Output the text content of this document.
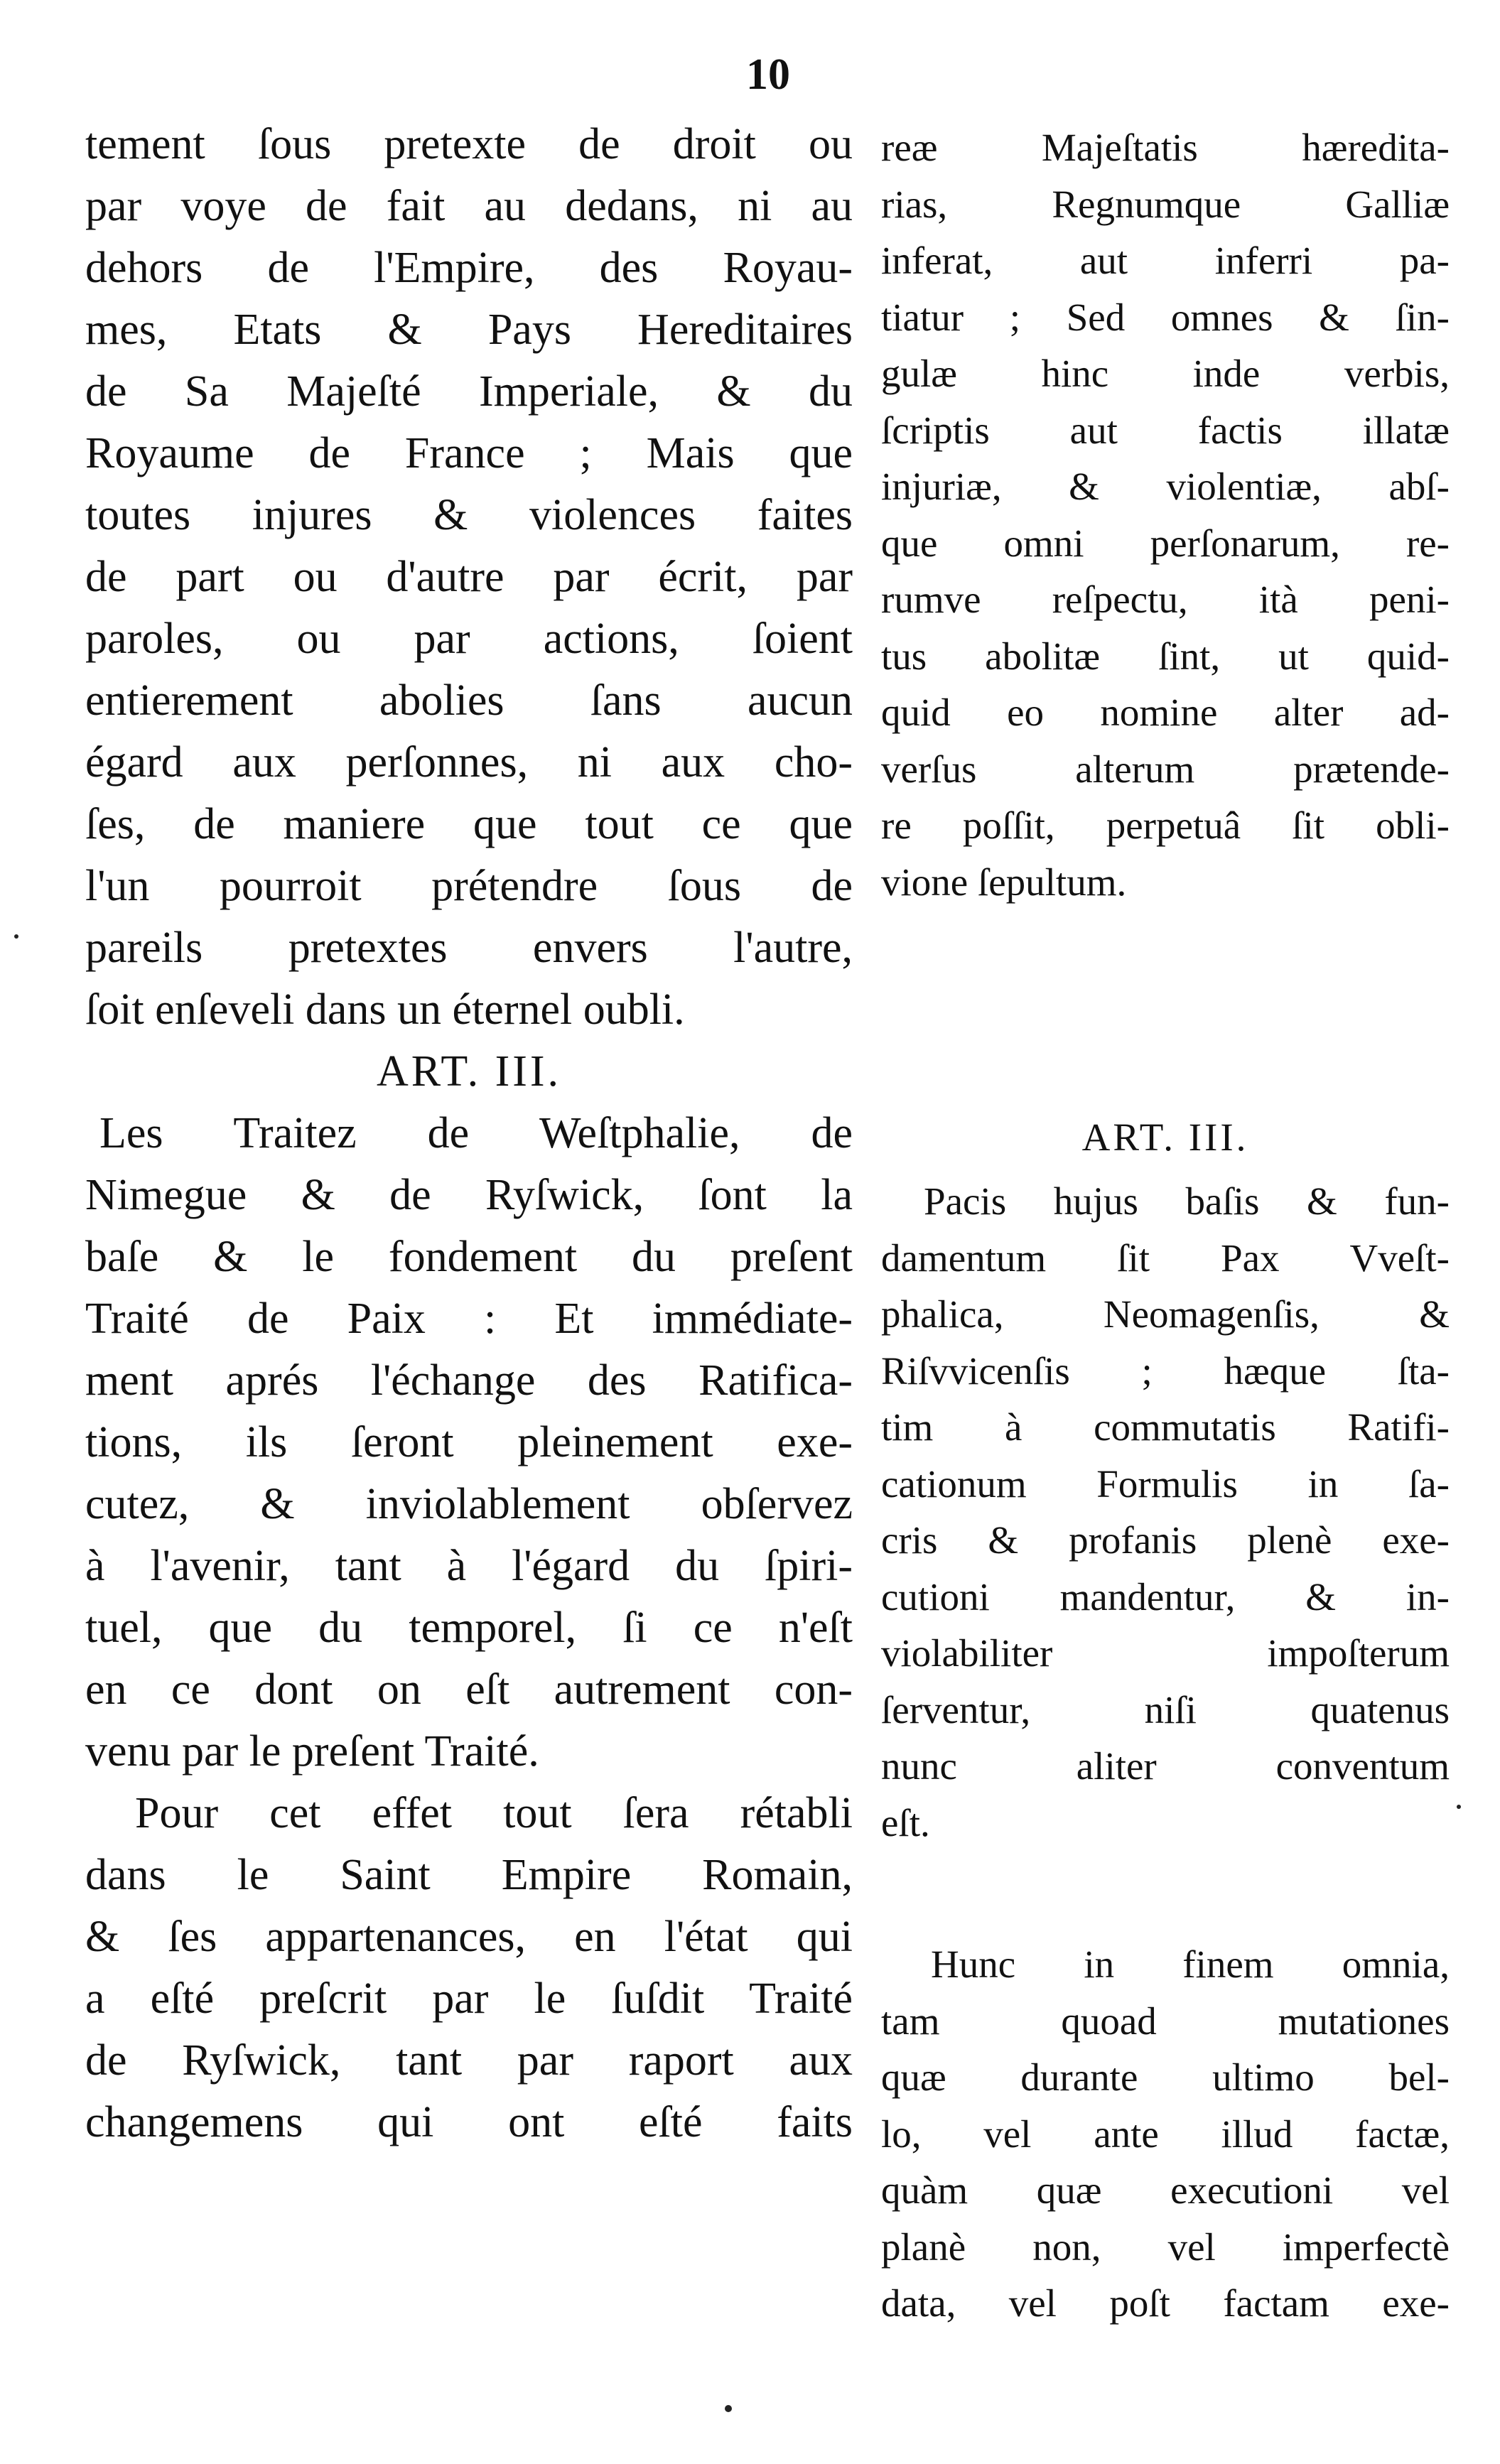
10
tement ſous pretexte de droit ou
par voye de fait au dedans, ni au
dehors de l'Empire, des Royau-
mes, Etats & Pays Hereditaires
de Sa Majeſté Imperiale, & du
Royaume de France ; Mais que
toutes injures & violences faites
de part ou d'autre par écrit, par
paroles, ou par actions, ſoient
entierement abolies ſans aucun
égard aux perſonnes, ni aux cho-
ſes, de maniere que tout ce que
l'un pourroit prétendre ſous de
pareils pretextes envers l'autre,
ſoit enſeveli dans un éternel oubli.
ART. III.
Les Traitez de Weſtphalie, de
Nimegue & de Ryſwick, ſont la
baſe & le fondement du preſent
Traité de Paix : Et immédiate-
ment aprés l'échange des Ratifica-
tions, ils ſeront pleinement exe-
cutez, & inviolablement obſervez
à l'avenir, tant à l'égard du ſpiri-
tuel, que du temporel, ſi ce n'eſt
en ce dont on eſt autrement con-
venu par le preſent Traité.
Pour cet effet tout ſera rétabli
dans le Saint Empire Romain,
& ſes appartenances, en l'état qui
a eſté preſcrit par le ſuſdit Traité
de Ryſwick, tant par raport aux
changemens qui ont eſté faits
reæ Majeſtatis hæredita-
rias, Regnumque Galliæ
inferat, aut inferri pa-
tiatur ; Sed omnes & ſin-
gulæ hinc inde verbis,
ſcriptis aut factis illatæ
injuriæ, & violentiæ, abſ-
que omni perſonarum, re-
rumve reſpectu, ità peni-
tus abolitæ ſint, ut quid-
quid eo nomine alter ad-
verſus alterum prætende-
re poſſit, perpetuâ ſit obli-
vione ſepultum.
ART. III.
Pacis hujus baſis & fun-
damentum ſit Pax Vveſt-
phalica, Neomagenſis, &
Riſvvicenſis ; hæque ſta-
tim à commutatis Ratifi-
cationum Formulis in ſa-
cris & profanis plenè exe-
cutioni mandentur, & in-
violabiliter impoſterum
ſerventur, niſi quatenus
nunc aliter conventum
eſt.
Hunc in finem omnia,
tam quoad mutationes
quæ durante ultimo bel-
lo, vel ante illud factæ,
quàm quæ executioni vel
planè non, vel imperfectè
data, vel poſt factam exe-
